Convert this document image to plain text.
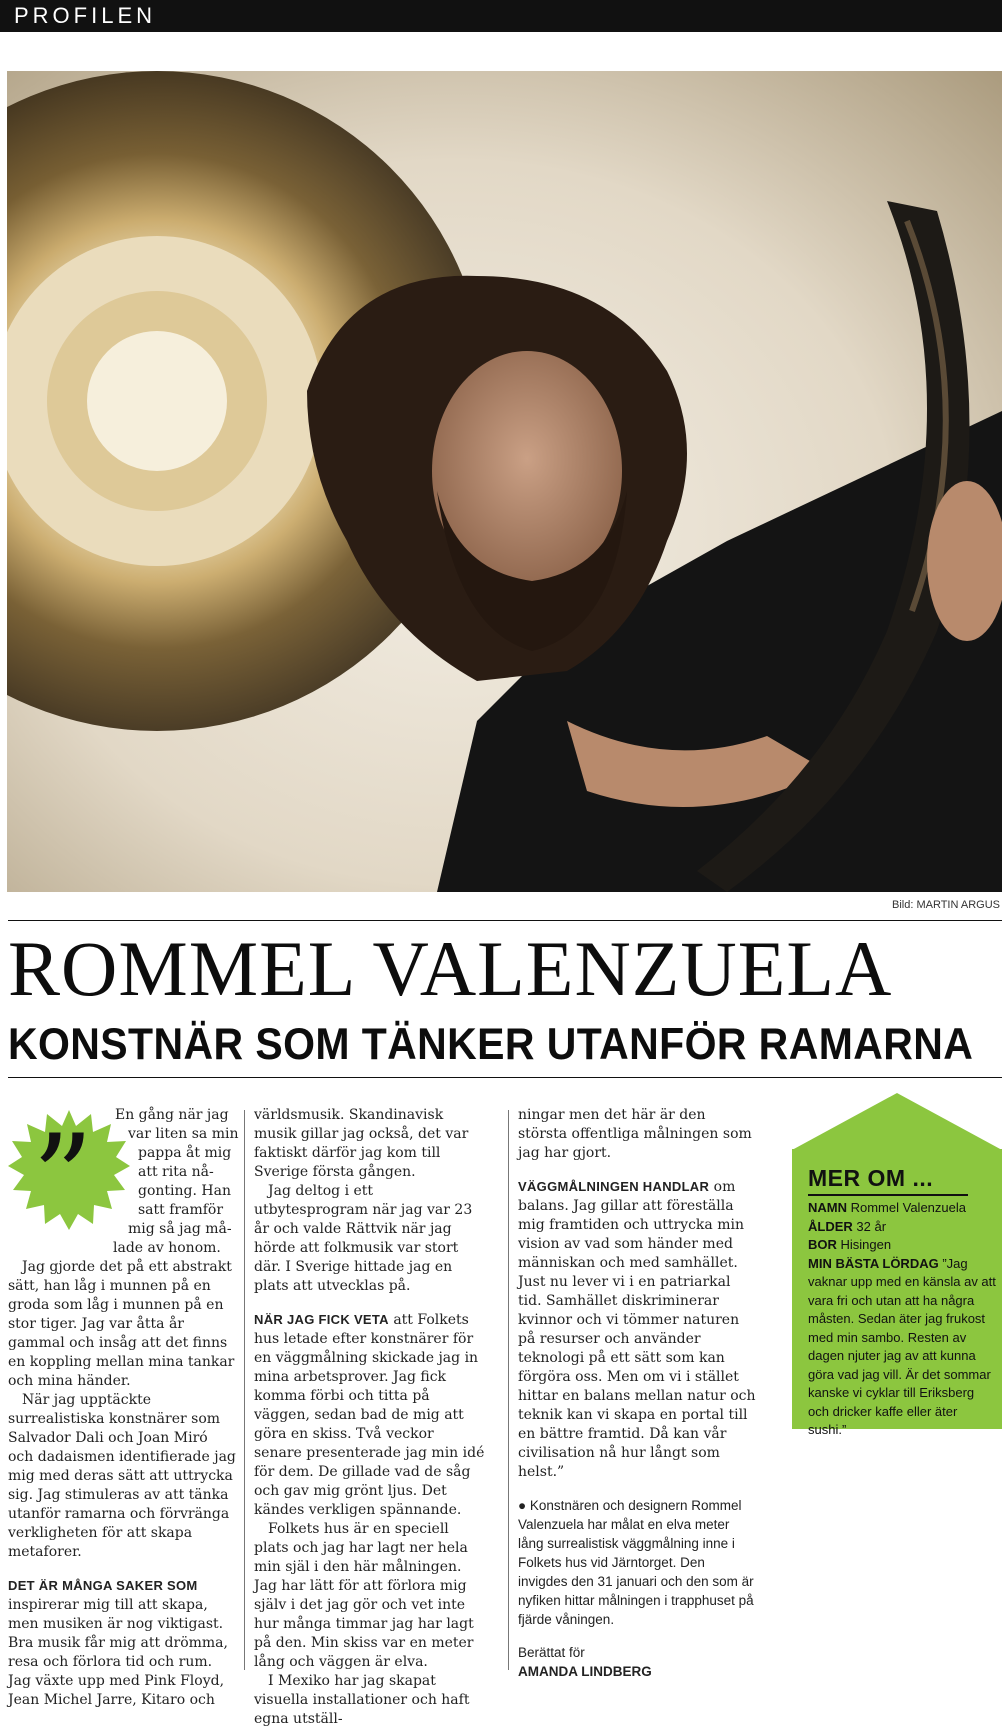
PROFILEN
Bild: MARTIN ARGUS
ROMMEL VALENZUELA
KONSTNÄR SOM TÄNKER UTANFÖR RAMARNA
” En gång när jag
var liten sa min
pappa åt mig
att rita nå-
gonting. Han
satt framför
mig så jag må-
lade av honom.

Jag gjorde det på ett abstrakt sätt, han låg i munnen på en groda som låg i munnen på en stor tiger. Jag var åtta år gammal och insåg att det finns en koppling mellan mina tankar och mina händer.

När jag upptäckte surrealistiska konstnärer som Salvador Dali och Joan Miró och dadaismen identifierade jag mig med deras sätt att uttrycka sig. Jag stimuleras av att tänka utanför ramarna och förvränga verkligheten för att skapa metaforer.

DET ÄR MÅNGA SAKER SOM inspirerar mig till att skapa, men musiken är nog viktigast. Bra musik får mig att drömma, resa och förlora tid och rum. Jag växte upp med Pink Floyd, Jean Michel Jarre, Kitaro och

världsmusik. Skandinavisk musik gillar jag också, det var faktiskt därför jag kom till Sverige första gången.

Jag deltog i ett utbytesprogram när jag var 23 år och valde Rättvik när jag hörde att folkmusik var stort där. I Sverige hittade jag en plats att utvecklas på.

NÄR JAG FICK VETA att Folkets hus letade efter konstnärer för en väggmålning skickade jag in mina arbetsprover. Jag fick komma förbi och titta på väggen, sedan bad de mig att göra en skiss. Två veckor senare presenterade jag min idé för dem. De gillade vad de såg och gav mig grönt ljus. Det kändes verkligen spännande.

Folkets hus är en speciell plats och jag har lagt ner hela min själ i den här målningen. Jag har lätt för att förlora mig själv i det jag gör och vet inte hur många timmar jag har lagt på den. Min skiss var en meter lång och väggen är elva.

I Mexiko har jag skapat visuella installationer och haft egna utställ-

ningar men det här är den största offentliga målningen som jag har gjort.

VÄGGMÅLNINGEN HANDLAR om balans. Jag gillar att föreställa mig framtiden och uttrycka min vision av vad som händer med människan och med samhället. Just nu lever vi i en patriarkal tid. Samhället diskriminerar kvinnor och vi tömmer naturen på resurser och använder teknologi på ett sätt som kan förgöra oss. Men om vi i stället hittar en balans mellan natur och teknik kan vi skapa en portal till en bättre framtid. Då kan vår civilisation nå hur långt som helst.”

● Konstnären och designern Rommel Valenzuela har målat en elva meter lång surrealistisk väggmålning inne i Folkets hus vid Järntorget. Den invigdes den 31 januari och den som är nyfiken hittar målningen i trapphuset på fjärde våningen.

Berättat för

AMANDA LINDBERG

MER OM ...

NAMN Rommel Valenzuela

ÅLDER 32 år

BOR Hisingen

MIN BÄSTA LÖRDAG ”Jag vaknar upp med en känsla av att vara fri och utan att ha några måsten. Sedan äter jag frukost med min sambo. Resten av dagen njuter jag av att kunna göra vad jag vill. Är det sommar kanske vi cyklar till Eriksberg och dricker kaffe eller äter sushi.”
